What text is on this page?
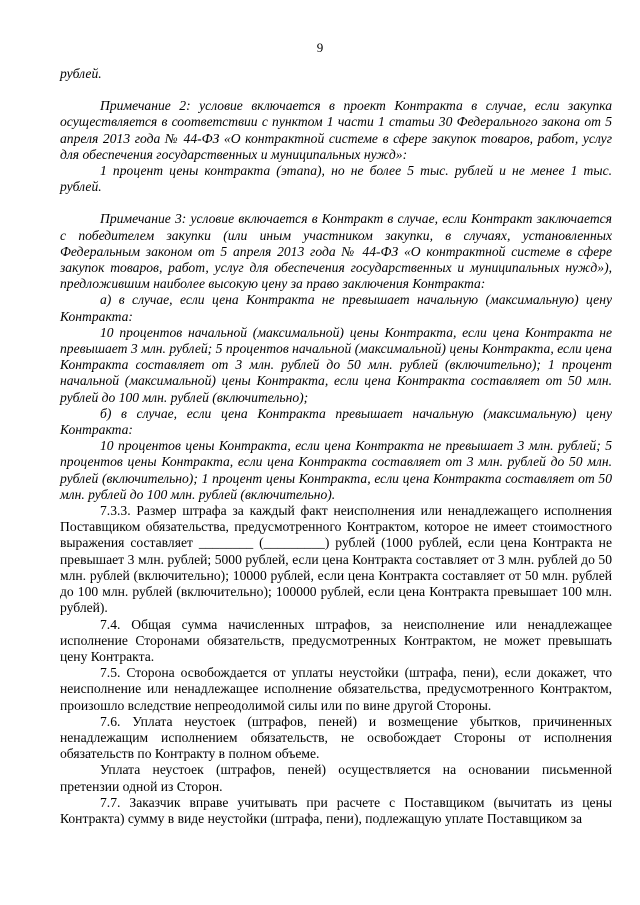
9

рублей.

Примечание 2: условие включается в проект Контракта в случае, если закупка осуществляется в соответствии с пунктом 1 части 1 статьи 30 Федерального закона от 5 апреля 2013 года № 44-ФЗ «О контрактной системе в сфере закупок товаров, работ, услуг для обеспечения государственных и муниципальных нужд»:

1 процент цены контракта (этапа), но не более 5 тыс. рублей и не менее 1 тыс. рублей.

Примечание 3: условие включается в Контракт в случае, если Контракт заключается с победителем закупки (или иным участником закупки, в случаях, установленных Федеральным законом от 5 апреля 2013 года № 44-ФЗ «О контрактной системе в сфере закупок товаров, работ, услуг для обеспечения государственных и муниципальных нужд»), предложившим наиболее высокую цену за право заключения Контракта:

а) в случае, если цена Контракта не превышает начальную (максимальную) цену Контракта:

10 процентов начальной (максимальной) цены Контракта, если цена Контракта не превышает 3 млн. рублей; 5 процентов начальной (максимальной) цены Контракта, если цена Контракта составляет от 3 млн. рублей до 50 млн. рублей (включительно); 1 процент начальной (максимальной) цены Контракта, если цена Контракта составляет от 50 млн. рублей до 100 млн. рублей (включительно);

б) в случае, если цена Контракта превышает начальную (максимальную) цену Контракта:

10 процентов цены Контракта, если цена Контракта не превышает 3 млн. рублей; 5 процентов цены Контракта, если цена Контракта составляет от 3 млн. рублей до 50 млн. рублей (включительно); 1 процент цены Контракта, если цена Контракта составляет от 50 млн. рублей до 100 млн. рублей (включительно).

7.3.3. Размер штрафа за каждый факт неисполнения или ненадлежащего исполнения Поставщиком обязательства, предусмотренного Контрактом, которое не имеет стоимостного выражения составляет ________ (_________) рублей (1000 рублей, если цена Контракта не превышает 3 млн. рублей; 5000 рублей, если цена Контракта составляет от 3 млн. рублей до 50 млн. рублей (включительно); 10000 рублей, если цена Контракта составляет от 50 млн. рублей до 100 млн. рублей (включительно); 100000 рублей, если цена Контракта превышает 100 млн. рублей).

7.4. Общая сумма начисленных штрафов, за неисполнение или ненадлежащее исполнение Сторонами обязательств, предусмотренных Контрактом, не может превышать цену Контракта.

7.5. Сторона освобождается от уплаты неустойки (штрафа, пени), если докажет, что неисполнение или ненадлежащее исполнение обязательства, предусмотренного Контрактом, произошло вследствие непреодолимой силы или по вине другой Стороны.

7.6. Уплата неустоек (штрафов, пеней) и возмещение убытков, причиненных ненадлежащим исполнением обязательств, не освобождает Стороны от исполнения обязательств по Контракту в полном объеме.

Уплата неустоек (штрафов, пеней) осуществляется на основании письменной претензии одной из Сторон.

7.7. Заказчик вправе учитывать при расчете с Поставщиком (вычитать из цены Контракта) сумму в виде неустойки (штрафа, пени), подлежащую уплате Поставщиком за
